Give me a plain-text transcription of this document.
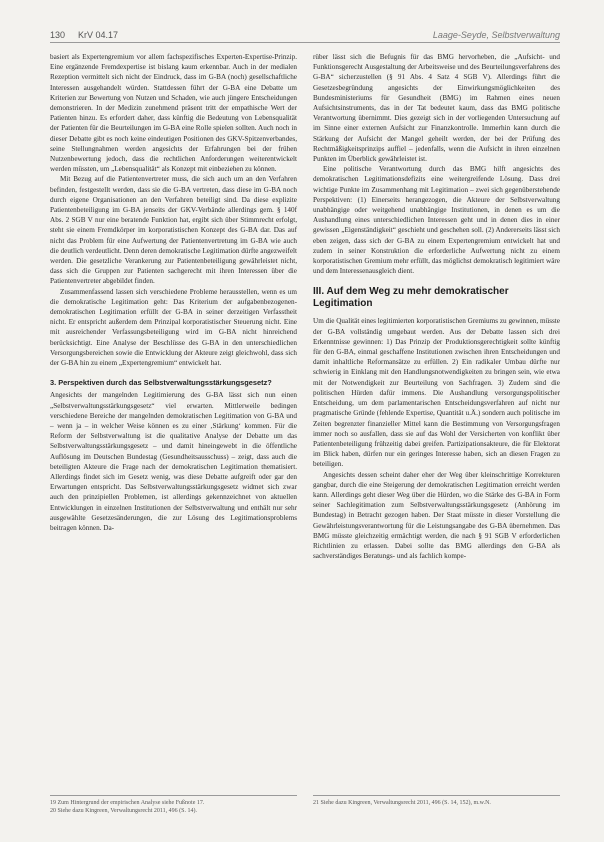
130 KrV 04.17	Laage-Seyde, Selbstverwaltung

basiert als Expertengremium vor allem fachspezifisches Experten-Expertise-Prinzip. Eine ergänzende Fremdexpertise ist bislang kaum erkennbar. Auch in der medialen Rezeption vermittelt sich nicht der Eindruck, dass im G-BA (noch) gesellschaftliche Interessen ausgehandelt würden. Stattdessen führt der G-BA eine Debatte um Kriterien zur Bewertung von Nutzen und Schaden, wie auch jüngere Entscheidungen demonstrieren. In der Medizin zunehmend präsent tritt der empathische Wert der Patienten hinzu. Es erfordert daher, dass künftig die Bedeutung von Lebensqualität der Patienten für die Beurteilungen im G-BA eine Rolle spielen sollten. Auch noch in dieser Debatte gibt es noch keine eindeutigen Positionen des GKV-Spitzenverbandes, seine Stellungnahmen werden angesichts der Erfahrungen bei der frühen Nutzenbewertung jedoch, dass die rechtlichen Anforderungen weiterentwickelt werden müssten, um „Lebensqualität“ als Konzept mit einbeziehen zu können.

Mit Bezug auf die Patientenvertreter muss, die sich auch um an den Verfahren befinden, festgestellt werden, dass sie die G-BA vertreten, dass diese im G-BA noch durch eigene Organisationen an den Verfahren beteiligt sind. Da diese explizite Patientenbeteiligung im G-BA jenseits der GKV-Verbände allerdings gem. § 140f Abs. 2 SGB V nur eine beratende Funktion hat, ergibt sich über Stimmrecht erfolgt, steht sie einem Fremdkörper im korporatistischen Konzept des G-BA dar. Das auf nicht das Problem für eine Aufwertung der Patientenvertretung im G-BA wie auch die deutlich verdeutlicht. Denn deren demokratische Legitimation dürfte angezweifelt werden. Die gesetzliche Verankerung zur Patientenbeteiligung gewährleistet nicht, dass sich die Gruppen zur Patienten sachgerecht mit ihren Interessen über die Patientenvertreter abgebildet finden.

Zusammenfassend lassen sich verschiedene Probleme herausstellen, wenn es um die demokratische Legitimation geht: Das Kriterium der aufgabenbezogenen-demokratischen Legitimation erfüllt der G-BA in seiner derzeitigen Verfasstheit nicht. Er entspricht außerdem dem Prinzipal korporatistischer Steuerung nicht. Eine mit ausreichender Verfassungsbeteiligung wird im G-BA nicht hinreichend berücksichtigt. Eine Analyse der Beschlüsse des G-BA in den unterschiedlichen Versorgungsbereichen sowie die Entwicklung der Akteure zeigt gleichwohl, dass sich der G-BA hin zu einem „Expertengremium“ entwickelt hat.

3. Perspektiven durch das Selbstverwaltungsstärkungsgesetz?

Angesichts der mangelnden Legitimierung des G-BA lässt sich nun einen „Selbstverwaltungsstärkungsgesetz“ viel erwarten. Mittlerweile bedingen verschiedene Bereiche der mangelnden demokratischen Legitimation von G-BA und – wenn ja – in welcher Weise können es zu einer ‚Stärkung‘ kommen. Für die Reform der Selbstverwaltung ist die qualitative Analyse der Debatte um das Selbstverwaltungsstärkungsgesetz – und damit hineingewebt in die öffentliche Auflösung im Deutschen Bundestag (Gesundheitsausschuss) – zeigt, dass auch die beteiligten Akteure die Frage nach der demokratischen Legitimation thematisiert. Allerdings findet sich im Gesetz wenig, was diese Debatte aufgreift oder gar den Erwartungen entspricht. Das Selbstverwaltungsstärkungsgesetz widmet sich zwar auch den prinzipiellen Problemen, ist allerdings gekennzeichnet von aktuellen Entwicklungen in einzelnen Institutionen der Selbstverwaltung und enthält nur sehr ausgewählte Gesetzesänderungen, die zur Lösung des Legitimationsproblems beitragen können. Da-

rüber lässt sich die Befugnis für das BMG hervorheben, die „Aufsicht- und Funktionsgerecht Ausgestaltung der Arbeitsweise und des Beurteilungsverfahrens des G-BA“ sicherzustellen (§ 91 Abs. 4 Satz 4 SGB V). Allerdings führt die Gesetzesbegründung angesichts der Einwirkungsmöglichkeiten des Bundesministeriums für Gesundheit (BMG) im Rahmen eines neuen Aufsichtsinstruments, das in der Tat bedeutet kaum, dass das BMG politische Verantwortung übernimmt. Dies gezeigt sich in der vorliegenden Untersuchung auf im Sinne einer externen Aufsicht zur Finanzkontrolle. Immerhin kann durch die Stärkung der Aufsicht der Mangel geheilt werden, der bei der Prüfung des Rechtmäßigkeitsprinzips auffiel – jedenfalls, wenn die Aufsicht in ihren einzelnen Punkten im Überblick gewährleistet ist.

Eine politische Verantwortung durch das BMG hilft angesichts des demokratischen Legitimationsdefizits eine weitergreifende Lösung. Dass drei wichtige Punkte im Zusammenhang mit Legitimation – zwei sich gegenüberstehende Perspektiven: (1) Einerseits herangezogen, die Akteure der Selbstverwaltung unabhängige oder weitgehend unabhängige Institutionen, in denen es um die Aushandlung eines unterschiedlichen Interessen geht und in denen dies in einer gewissen „Eigenständigkeit“ geschieht und geschehen soll. (2) Andererseits lässt sich eben zeigen, dass sich der G-BA zu einem Expertengremium entwickelt hat und zudem in seiner Konstruktion die erforderliche Aufwertung nicht zu einem korporatistischen Gremium mehr erfüllt, das möglichst demokratisch legitimiert wäre und dem Interessenausgleich dient.

III. Auf dem Weg zu mehr demokratischer Legitimation

Um die Qualität eines legitimierten korporatistischen Gremiums zu gewinnen, müsste der G-BA vollständig umgebaut werden. Aus der Debatte lassen sich drei Erkenntnisse gewinnen: 1) Das Prinzip der Produktionsgerechtigkeit sollte künftig für den G-BA, einmal geschaffene Institutionen zwischen ihren Entscheidungen und damit inhaltliche Reformansätze zu erfüllen. 2) Ein radikaler Umbau dürfte nur schwierig in Einklang mit den Handlungsnotwendigkeiten zu bringen sein, wie etwa mit der Notwendigkeit zur Beurteilung von Sachfragen. 3) Zudem sind die politischen Hürden dafür immens. Die Aushandlung versorgungspolitischer Entscheidung, um dem parlamentarischen Entscheidungsverfahren auf nicht nur pragmatische Gründe (fehlende Expertise, Quantität u.Ä.) sondern auch politische im Zeiten begrenzter finanzieller Mittel kann die Bestimmung von Versorgungsfragen immer noch so ausfallen, dass sie auf das Wohl der Versicherten von konflikt über Patientenbeteiligung frühzeitig dabei greifen. Partizipationsakteure, die für Elektorat im Blick haben, dürfen nur ein geringes Interesse haben, sich an diesen Fragen zu beteiligen.

Angesichts dessen scheint daher eher der Weg über kleinschrittige Korrekturen gangbar, durch die eine Steigerung der demokratischen Legitimation erreicht werden kann. Allerdings geht dieser Weg über die Hürden, wo die Stärke des G-BA in Form seiner Sachlegitimation zum Selbstverwaltungsstärkungsgesetz (Anhörung im Bundestag) in Betracht gezogen haben. Der Staat müsste in dieser Vorstellung die Gewährleistungsverantwortung für die Leistungsangabe des G-BA übernehmen. Das BMG müsste gleichzeitig ermächtigt werden, die nach § 91 SGB V erforderlichen Richtlinien zu erlassen. Dabei sollte das BMG allerdings den G-BA als sachverständiges Beratungs- und als fachlich kompe-

19 Zum Hintergrund der empirischen Analyse siehe Fußnote 17.

20 Siehe dazu Kingreen, Verwaltungsrecht 2011, 496 (S. 14).

21 Siehe dazu Kingreen, Verwaltungsrecht 2011, 496 (S. 14, 152), m.w.N.
